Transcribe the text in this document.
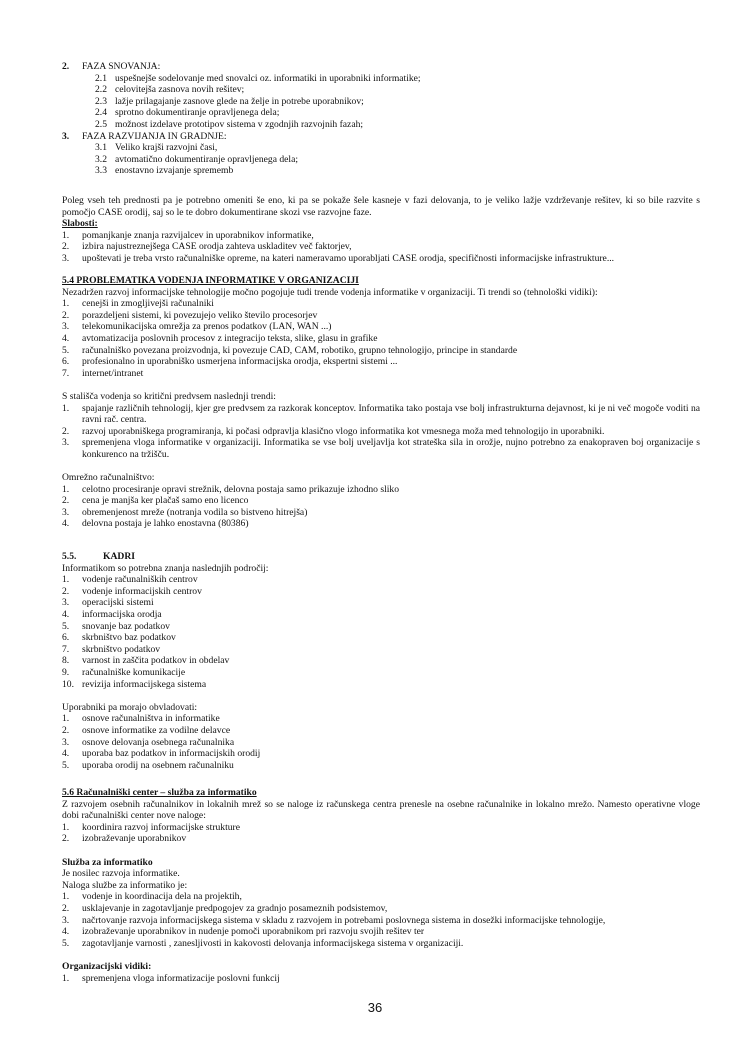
2.	FAZA SNOVANJA:
2.1 uspešnejše sodelovanje med snovalci oz. informatiki in uporabniki informatike;
2.2 celovitejša zasnova novih rešitev;
2.3 lažje prilagajanje zasnove glede na želje in potrebe uporabnikov;
2.4 sprotno dokumentiranje opravljenega dela;
2.5 možnost izdelave prototipov sistema v zgodnjih razvojnih fazah;
3.	FAZA RAZVIJANJA IN GRADNJE:
3.1 Veliko krajši razvojni časi,
3.2 avtomatično dokumentiranje opravljenega dela;
3.3 enostavno izvajanje sprememb
Poleg vseh teh prednosti pa je potrebno omeniti še eno, ki pa se pokaže šele kasneje v fazi delovanja, to je veliko lažje vzdrževanje rešitev, ki so bile razvite s pomočjo CASE orodij, saj so le te dobro dokumentirane skozi vse razvojne faze.
Slabosti:
1.	pomanjkanje znanja razvijalcev in uporabnikov informatike,
2.	izbira najustreznejšega CASE orodja zahteva uskladitev več faktorjev,
3.	upoštevati je treba vrsto računalniške opreme, na kateri nameravamo uporabljati CASE orodja, specifičnosti informacijske infrastrukture...
5.4 PROBLEMATIKA VODENJA INFORMATIKE V ORGANIZACIJI
Nezadržen razvoj informacijske tehnologije močno pogojuje tudi trende vodenja informatike v organizaciji. Ti trendi so (tehnološki vidiki):
1.	cenejši in zmogljivejši računalniki
2.	porazdeljeni sistemi, ki povezujejo veliko število procesorjev
3.	telekomunikacijska omrežja za prenos podatkov (LAN, WAN ...)
4.	avtomatizacija poslovnih procesov z integracijo teksta, slike, glasu in grafike
5.	računalniško povezana proizvodnja, ki povezuje CAD, CAM, robotiko, grupno tehnologijo, principe in standarde
6.	profesionalno in uporabniško usmerjena informacijska orodja, ekspertni sistemi ...
7.	internet/intranet
S stališča vodenja so kritični predvsem naslednji trendi:
1.	spajanje različnih tehnologij, kjer gre predvsem za razkorak konceptov. Informatika tako postaja vse bolj infrastrukturna dejavnost, ki je ni več mogoče voditi na ravni rač. centra.
2.	razvoj uporabniškega programiranja, ki počasi odpravlja klasično vlogo informatika kot vmesnega moža med tehnologijo in uporabniki.
3.	spremenjena vloga informatike v organizaciji. Informatika se vse bolj uveljavlja kot strateška sila in orožje, nujno potrebno za enakopraven boj organizacije s konkurenco na tržišču.
Omrežno računalništvo:
1.	celotno procesiranje opravi strežnik, delovna postaja samo prikazuje izhodno sliko
2.	cena je manjša ker plačaš samo eno licenco
3.	obremenjenost mreže (notranja vodila so bistveno hitrejša)
4.	delovna postaja je lahko enostavna (80386)
5.5.	KADRI
Informatikom so potrebna znanja naslednjih področij:
1.	vodenje računalniških centrov
2.	vodenje informacijskih centrov
3.	operacijski sistemi
4.	informacijska orodja
5.	snovanje baz podatkov
6.	skrbništvo baz podatkov
7.	skrbništvo podatkov
8.	varnost in zaščita podatkov in obdelav
9.	računalniške komunikacije
10. revizija informacijskega sistema
Uporabniki pa morajo obvladovati:
1.	osnove računalništva in informatike
2.	osnove informatike za vodilne delavce
3.	osnove delovanja osebnega računalnika
4.	uporaba baz podatkov in informacijskih orodij
5.	uporaba orodij na osebnem računalniku
5.6 Računalniški center – služba za informatiko
Z razvojem osebnih računalnikov in lokalnih mrež so se naloge iz računskega centra prenesle na osebne računalnike in lokalno mrežo. Namesto operativne vloge dobi računalniški center nove naloge:
1.	koordinira razvoj informacijske strukture
2.	izobraževanje uporabnikov
Služba za informatiko
Je nosilec razvoja informatike.
Naloga službe za informatiko je:
1.	vodenje in koordinacija dela na projektih,
2.	usklajevanje in zagotavljanje predpogojev za gradnjo posameznih podsistemov,
3.	načrtovanje razvoja informacijskega sistema v skladu z razvojem in potrebami poslovnega sistema in dosežki informacijske tehnologije,
4.	izobraževanje uporabnikov in nudenje pomoči uporabnikom pri razvoju svojih rešitev ter
5.	zagotavljanje varnosti , zanesljivosti in kakovosti delovanja informacijskega sistema v organizaciji.
Organizacijski vidiki:
1.	spremenjena vloga informatizacije poslovni funkcij
36
